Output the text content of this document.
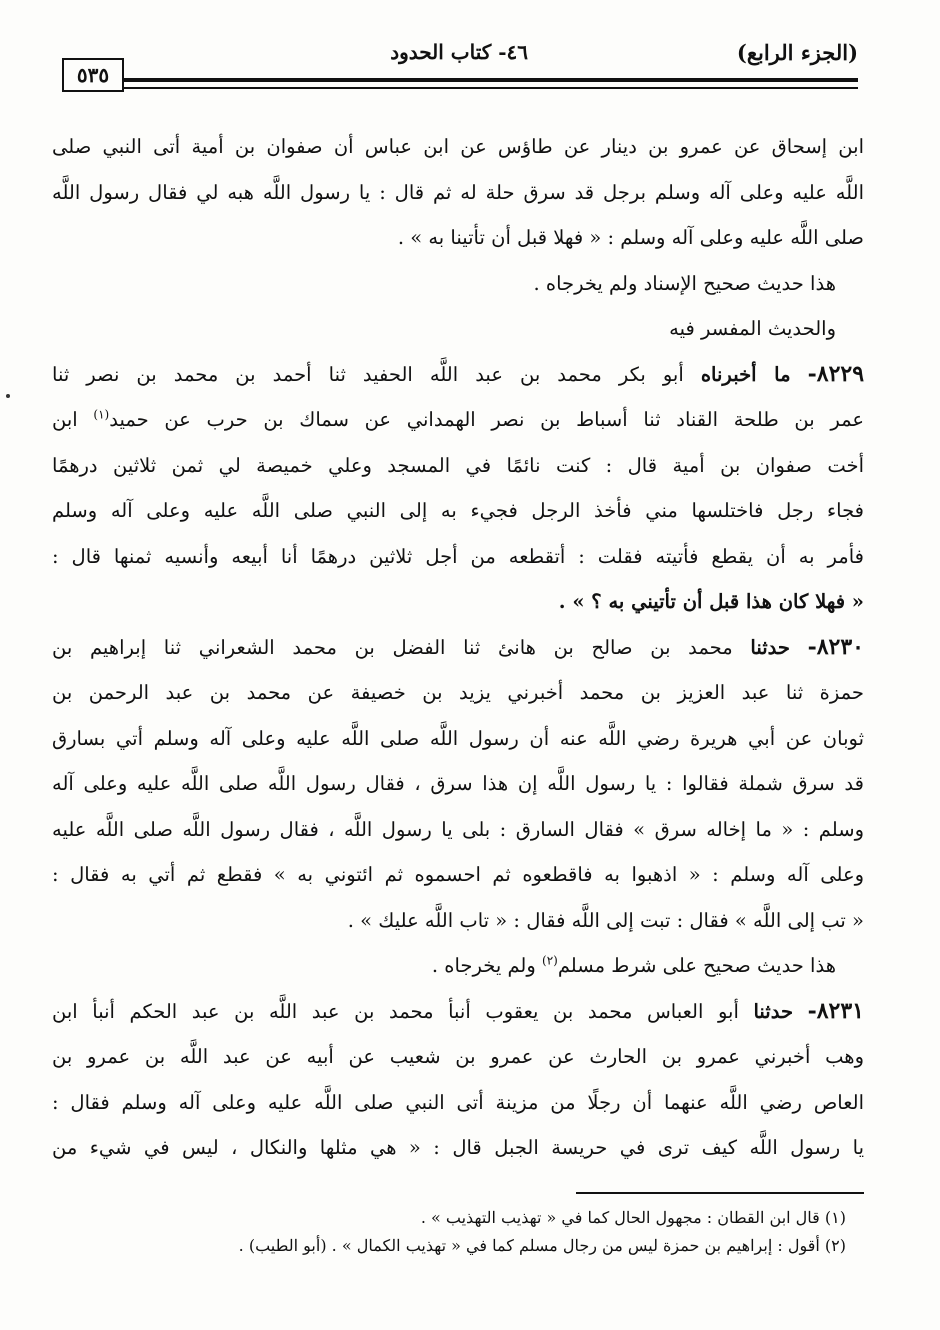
(الجزء الرابع)
٤٦- كتاب الحدود
٥٣٥

ابن إسحاق عن عمرو بن دينار عن طاؤس عن ابن عباس أن صفوان بن أمية أتى النبي صلى
اللَّه عليه وعلى آله وسلم برجل قد سرق حلة له ثم قال : يا رسول اللَّه هبه لي فقال رسول اللَّه
صلى اللَّه عليه وعلى آله وسلم : « فهلا قبل أن تأتينا به » .

هذا حديث صحيح الإسناد ولم يخرجاه .

والحديث المفسر فيه

٨٢٢٩- ما أخبرناه أبو بكر محمد بن عبد اللَّه الحفيد ثنا أحمد بن محمد بن نصر ثنا
عمر بن طلحة القناد ثنا أسباط بن نصر الهمداني عن سماك بن حرب عن حميد$^{(١)}$ ابن
أخت صفوان بن أمية قال : كنت نائمًا في المسجد وعلي خميصة لي ثمن ثلاثين درهمًا
فجاء رجل فاختلسها مني فأخذ الرجل فجيء به إلى النبي صلى اللَّه عليه وعلى آله وسلم
فأمر به أن يقطع فأتيته فقلت : أتقطعه من أجل ثلاثين درهمًا أنا أبيعه وأنسيه ثمنها قال :
« فهلا كان هذا قبل أن تأتيني به ؟ » .

٨٢٣٠- حدثنا محمد بن صالح بن هانئ ثنا الفضل بن محمد الشعراني ثنا إبراهيم بن
حمزة ثنا عبد العزيز بن محمد أخبرني يزيد بن خصيفة عن محمد بن عبد الرحمن بن
ثوبان عن أبي هريرة رضي اللَّه عنه أن رسول اللَّه صلى اللَّه عليه وعلى آله وسلم أتي بسارق
قد سرق شملة فقالوا : يا رسول اللَّه إن هذا سرق ، فقال رسول اللَّه صلى اللَّه عليه وعلى آله
وسلم : « ما إخاله سرق » فقال السارق : بلى يا رسول اللَّه ، فقال رسول اللَّه صلى اللَّه عليه
وعلى آله وسلم : « اذهبوا به فاقطعوه ثم احسموه ثم ائتوني به » فقطع ثم أتي به فقال :
« تب إلى اللَّه » فقال : تبت إلى اللَّه فقال : « تاب اللَّه عليك » .

هذا حديث صحيح على شرط مسلم$^{(٢)}$ ولم يخرجاه .

٨٢٣١- حدثنا أبو العباس محمد بن يعقوب أنبأ محمد بن عبد اللَّه بن عبد الحكم أنبأ ابن
وهب أخبرني عمرو بن الحارث عن عمرو بن شعيب عن أبيه عن عبد اللَّه بن عمرو بن
العاص رضي اللَّه عنهما أن رجلًا من مزينة أتى النبي صلى اللَّه عليه وعلى آله وسلم فقال :
يا رسول اللَّه كيف ترى في حريسة الجبل قال : « هي مثلها والنكال ، ليس في شيء من

(١) قال ابن القطان : مجهول الحال كما في « تهذيب التهذيب » .

(٢) أقول : إبراهيم بن حمزة ليس من رجال مسلم كما في « تهذيب الكمال » . (أبو الطيب) .
